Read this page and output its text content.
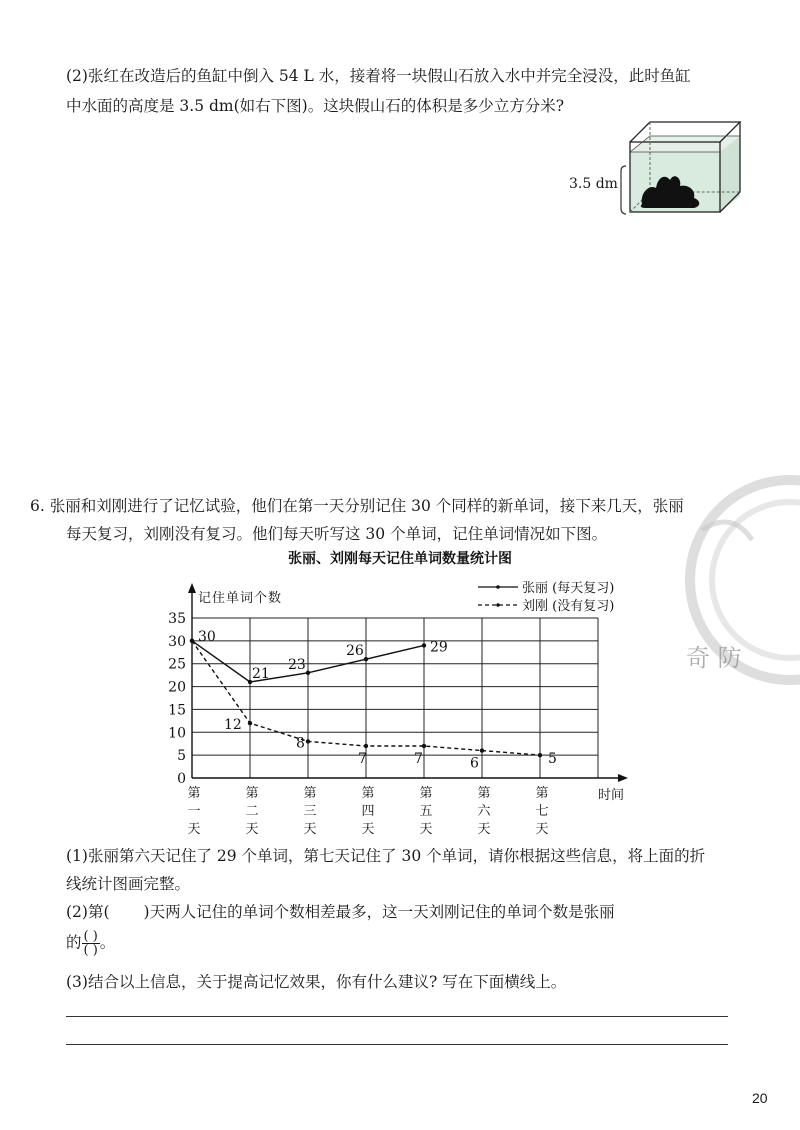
(2)张红在改造后的鱼缸中倒入 54 L 水，接着将一块假山石放入水中并完全浸没，此时鱼缸
中水面的高度是 3.5 dm(如右下图)。这块假山石的体积是多少立方分米?
3.5 dm
6. 张丽和刘刚进行了记忆试验，他们在第一天分别记住 30 个同样的新单词，接下来几天，张丽
每天复习，刘刚没有复习。他们每天听写这 30 个单词，记住单词情况如下图。
奇 防
张丽、刘刚每天记住单词数量统计图
0
5
10
15
20
25
30
35
记住单词个数
时间
第一天
第二天
第三天
第四天
第五天
第六天
第七天
张丽 (每天复习)
刘刚 (没有复习)
30
21
23
26	29
12
8
7	7	6	5
(1)张丽第六天记住了 29 个单词，第七天记住了 30 个单词，请你根据这些信息，将上面的折
线统计图画完整。
(2)第( )天两人记住的单词个数相差最多，这一天刘刚记住的单词个数是张丽
的 $\frac{( )}{( )}$ 。
(3)结合以上信息，关于提高记忆效果，你有什么建议? 写在下面横线上。
20
